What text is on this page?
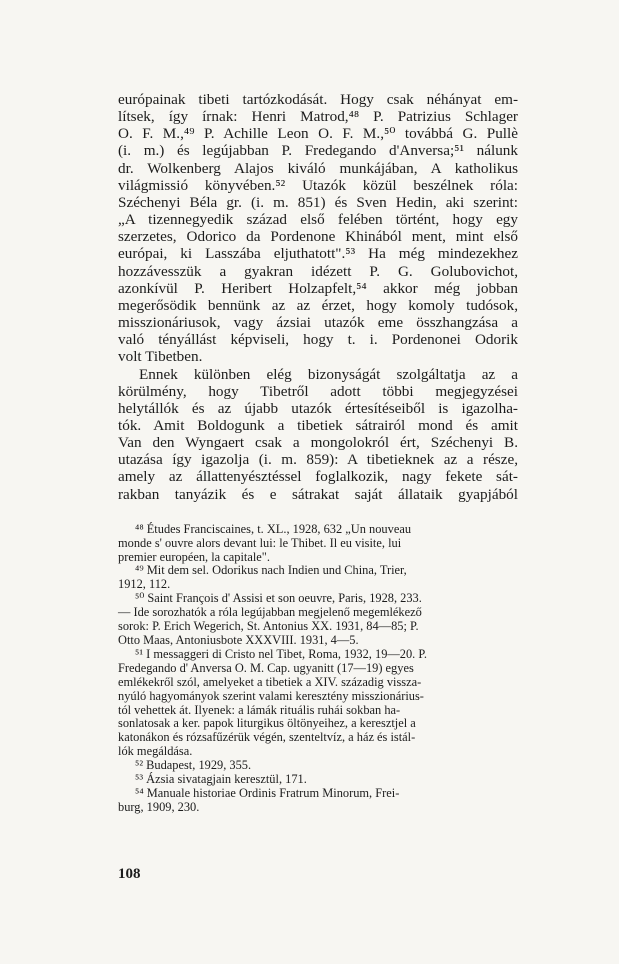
európainak tibeti tartózkodását. Hogy csak néhányat em-

lítsek, így írnak: Henri Matrod,⁴⁸ P. Patrizius Schlager

O. F. M.,⁴⁹ P. Achille Leon O. F. M.,⁵⁰ továbbá G. Pullè

(i. m.) és legújabban P. Fredegando d'Anversa;⁵¹ nálunk

dr. Wolkenberg Alajos kiváló munkájában, A katholikus

világmissió könyvében.⁵² Utazók közül beszélnek róla:

Széchenyi Béla gr. (i. m. 851) és Sven Hedin, aki szerint:

„A tizennegyedik század első felében történt, hogy egy

szerzetes, Odorico da Pordenone Khinából ment, mint első

európai, ki Lasszába eljuthatott".⁵³ Ha még mindezekhez

hozzávesszük a gyakran idézett P. G. Golubovichot,

azonkívül P. Heribert Holzapfelt,⁵⁴ akkor még jobban

megerősödik bennünk az az érzet, hogy komoly tudósok,

misszionáriusok, vagy ázsiai utazók eme összhangzása a

való tényállást képviseli, hogy t. i. Pordenonei Odorik

volt Tibetben.

Ennek különben elég bizonyságát szolgáltatja az a

körülmény, hogy Tibetről adott többi megjegyzései

helytállók és az újabb utazók értesítéseiből is igazolha-

tók. Amit Boldogunk a tibetiek sátrairól mond és amit

Van den Wyngaert csak a mongolokról ért, Széchenyi B.

utazása így igazolja (i. m. 859): A tibetieknek az a része,

amely az állattenyésztéssel foglalkozik, nagy fekete sát-

rakban tanyázik és e sátrakat saját állataik gyapjából

⁴⁸ Études Franciscaines, t. XL., 1928, 632 „Un nouveau

monde s' ouvre alors devant lui: le Thibet. Il eu visite, lui

premier européen, la capitale".

⁴⁹ Mit dem sel. Odorikus nach Indien und China, Trier,

1912, 112.

⁵⁰ Saint François d' Assisi et son oeuvre, Paris, 1928, 233.

— Ide sorozhatók a róla legújabban megjelenő megemlékező

sorok: P. Erich Wegerich, St. Antonius XX. 1931, 84—85; P.

Otto Maas, Antoniusbote XXXVIII. 1931, 4—5.

⁵¹ I messaggeri di Cristo nel Tibet, Roma, 1932, 19—20. P.

Fredegando d' Anversa O. M. Cap. ugyanitt (17—19) egyes

emlékekről szól, amelyeket a tibetiek a XIV. századig vissza-

nyúló hagyományok szerint valami keresztény misszionárius-

tól vehettek át. Ilyenek: a lámák rituális ruhái sokban ha-

sonlatosak a ker. papok liturgikus öltönyeihez, a keresztjel a

katonákon és rózsafűzérük végén, szenteltvíz, a ház és istál-

lók megáldása.

⁵² Budapest, 1929, 355.

⁵³ Ázsia sivatagjain keresztül, 171.

⁵⁴ Manuale historiae Ordinis Fratrum Minorum, Frei-

burg, 1909, 230.

108
